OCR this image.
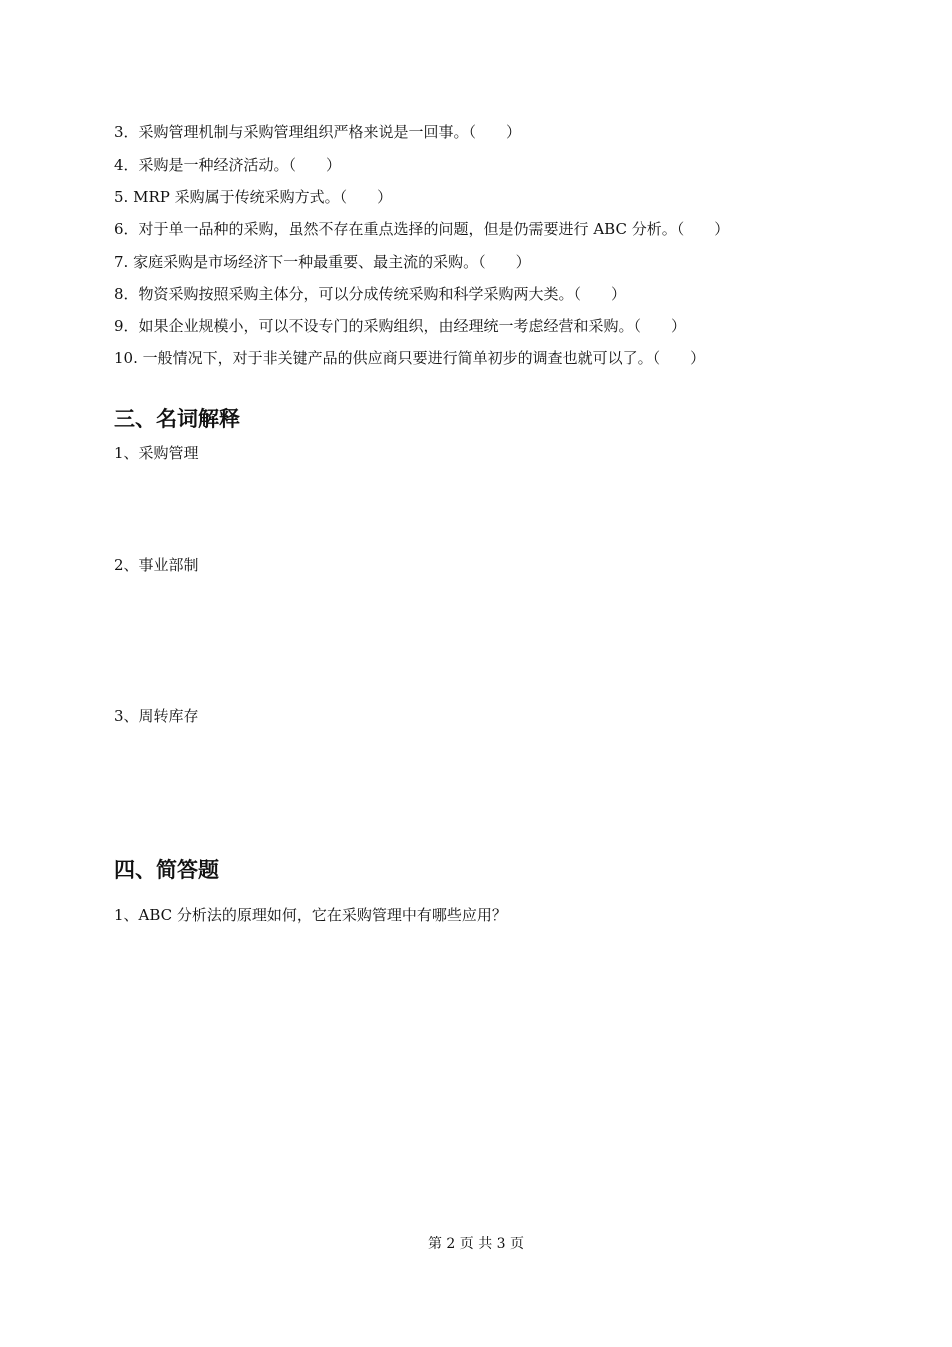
3．采购管理机制与采购管理组织严格来说是一回事。（　　）
4．采购是一种经济活动。（　　）
5. MRP 采购属于传统采购方式。（　　）
6．对于单一品种的采购，虽然不存在重点选择的问题，但是仍需要进行 ABC 分析。（　　）
7. 家庭采购是市场经济下一种最重要、最主流的采购。（　　）
8．物资采购按照采购主体分，可以分成传统采购和科学采购两大类。（　　）
9．如果企业规模小，可以不设专门的采购组织，由经理统一考虑经营和采购。（　　）
10. 一般情况下，对于非关键产品的供应商只要进行简单初步的调查也就可以了。（　　）
三、名词解释
1、采购管理
2、事业部制
3、周转库存
四、简答题
1、ABC 分析法的原理如何，它在采购管理中有哪些应用？
第 2 页 共 3 页
